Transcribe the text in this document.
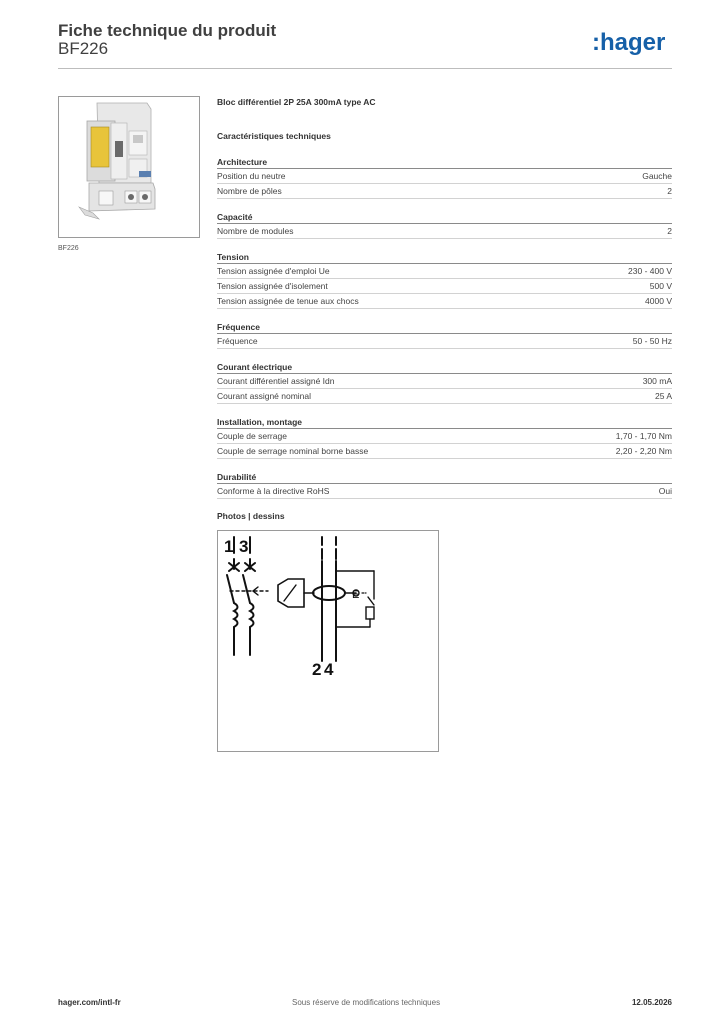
Fiche technique du produit
BF226	:hager
BF226
Bloc différentiel 2P 25A 300mA type AC
Caractéristiques techniques
Architecture
Position du neutre	Gauche
Nombre de pôles	2
Capacité
Nombre de modules	2
Tension
Tension assignée d'emploi Ue	230 - 400 V
Tension assignée d'isolement	500 V
Tension assignée de tenue aux chocs	4000 V
Fréquence
Fréquence	50 - 50 Hz
Courant électrique
Courant différentiel assigné Idn	300 mA
Courant assigné nominal	25 A
Installation, montage
Couple de serrage	1,70 - 1,70 Nm
Couple de serrage nominal borne basse	2,20 - 2,20 Nm
Durabilité
Conforme à la directive RoHS	Oui
Photos | dessins
1 3
2 4
E
hager.com/intl-fr	Sous réserve de modifications techniques	12.05.2026
